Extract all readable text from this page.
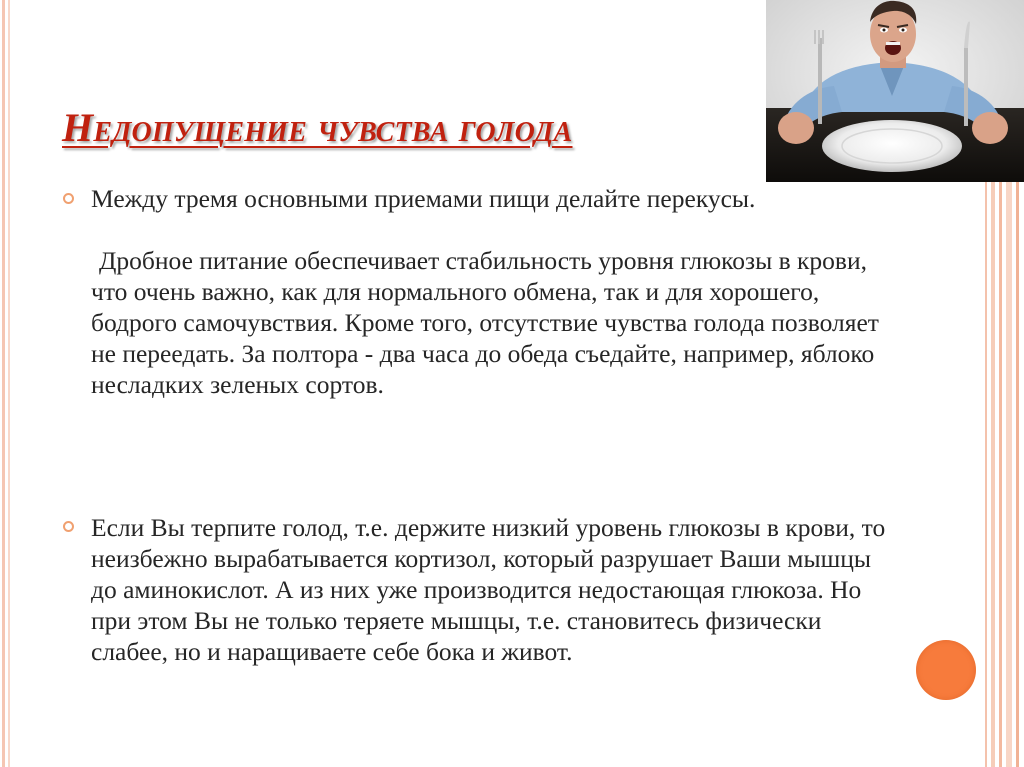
Недопущение чувства голода

Между тремя основными приемами пищи делайте перекусы.

Дробное питание обеспечивает стабильность уровня глюкозы в крови, что очень важно, как для нормального обмена, так и для хорошего, бодрого самочувствия. Кроме того, отсутствие чувства голода позволяет не переедать. За полтора - два часа до обеда съедайте, например, яблоко несладких зеленых сортов.

Если Вы терпите голод, т.е. держите низкий уровень глюкозы в крови, то неизбежно вырабатывается кортизол, который разрушает Ваши мышцы до аминокислот. А из них уже производится недостающая глюкоза. Но при этом Вы не только теряете мышцы, т.е. становитесь физически слабее, но и наращиваете себе бока и живот.
